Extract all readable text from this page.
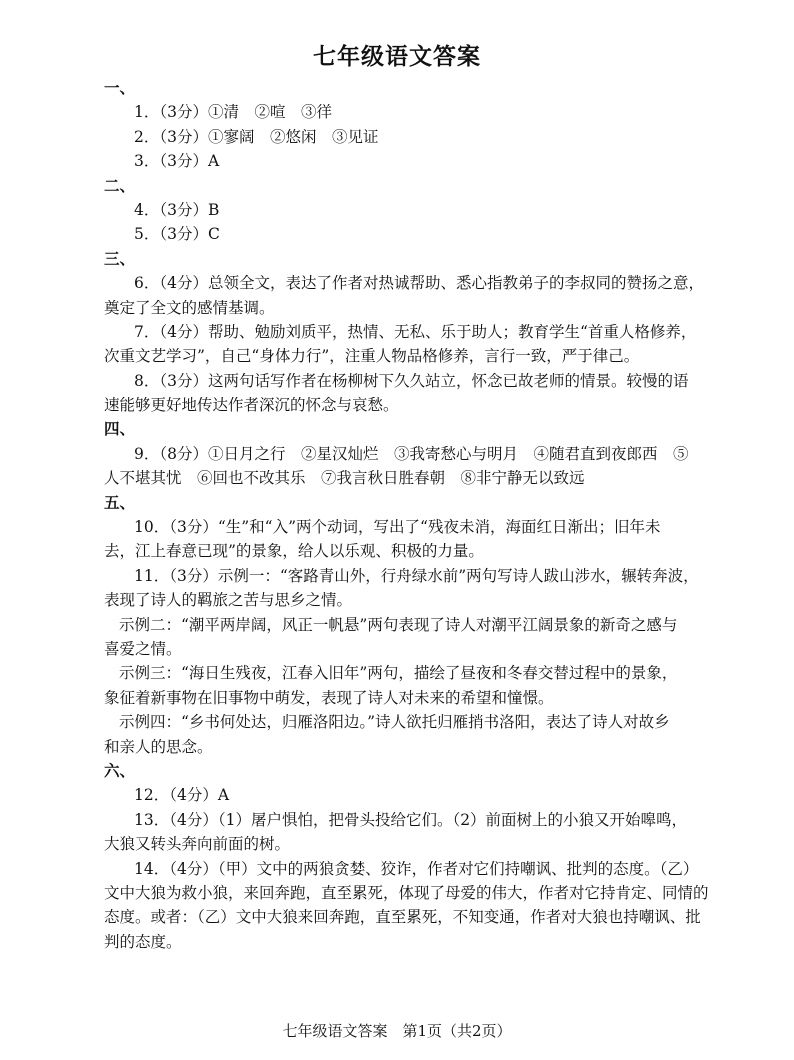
七年级语文答案
一、
1．（3分）①清　②喧　③徉
2．（3分）①寥阔　②悠闲　③见证
3．（3分）A
二、
4．（3分）B
5．（3分）C
三、
6．（4分）总领全文，表达了作者对热诚帮助、悉心指教弟子的李叔同的赞扬之意，
奠定了全文的感情基调。
7．（4分）帮助、勉励刘质平，热情、无私、乐于助人；教育学生“首重人格修养，
次重文艺学习”，自己“身体力行”，注重人物品格修养，言行一致，严于律己。
8．（3分）这两句话写作者在杨柳树下久久站立，怀念已故老师的情景。较慢的语
速能够更好地传达作者深沉的怀念与哀愁。
四、
9．（8分）①日月之行　②星汉灿烂　③我寄愁心与明月　④随君直到夜郎西　⑤
人不堪其忧　⑥回也不改其乐　⑦我言秋日胜春朝　⑧非宁静无以致远
五、
10．（3分）“生”和“入”两个动词，写出了“残夜未消，海面红日渐出；旧年未
去，江上春意已现”的景象，给人以乐观、积极的力量。
11．（3分）示例一：“客路青山外，行舟绿水前”两句写诗人跋山涉水，辗转奔波，
表现了诗人的羁旅之苦与思乡之情。
示例二：“潮平两岸阔，风正一帆悬”两句表现了诗人对潮平江阔景象的新奇之感与
喜爱之情。
示例三：“海日生残夜，江春入旧年”两句，描绘了昼夜和冬春交替过程中的景象，
象征着新事物在旧事物中萌发，表现了诗人对未来的希望和憧憬。
示例四：“乡书何处达，归雁洛阳边。”诗人欲托归雁捎书洛阳，表达了诗人对故乡
和亲人的思念。
六、
12．（4分）A
13．（4分）（1）屠户惧怕，把骨头投给它们。（2）前面树上的小狼又开始嗥鸣，
大狼又转头奔向前面的树。
14．（4分）（甲）文中的两狼贪婪、狡诈，作者对它们持嘲讽、批判的态度。（乙）
文中大狼为救小狼，来回奔跑，直至累死，体现了母爱的伟大，作者对它持肯定、同情的
态度。或者：（乙）文中大狼来回奔跑，直至累死，不知变通，作者对大狼也持嘲讽、批
判的态度。
七年级语文答案　第1页（共2页）
